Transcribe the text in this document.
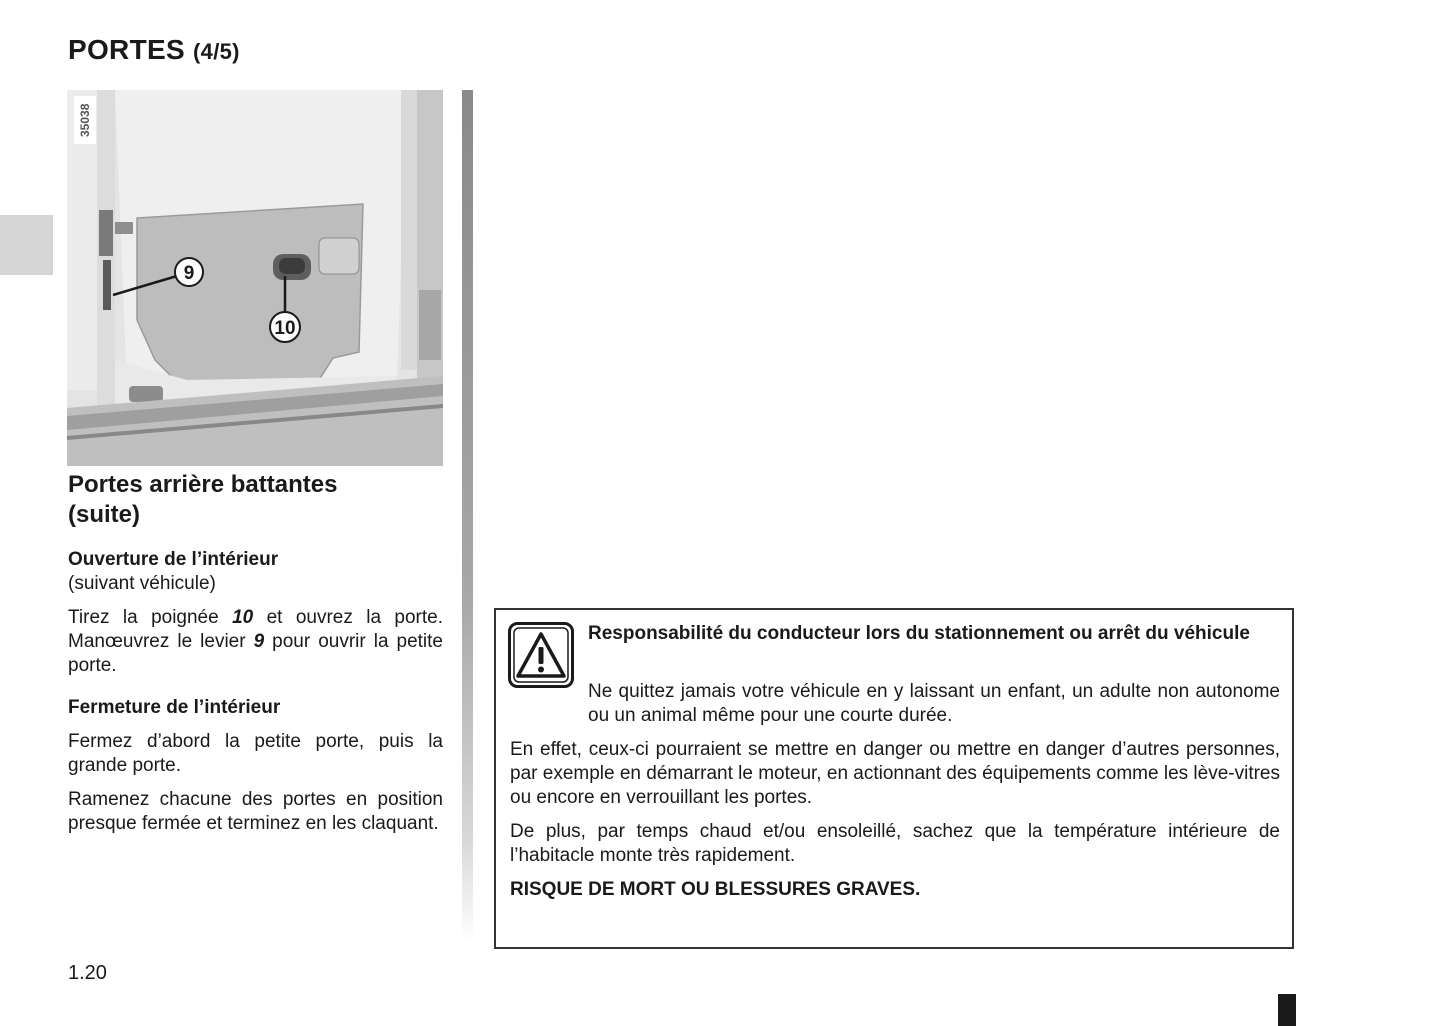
PORTES (4/5)
9
10
35038
Portes arrière battantes
(suite)

Ouverture de l’intérieur

(suivant véhicule)

Tirez la poignée 10 et ouvrez la porte. Manœuvrez le levier 9 pour ouvrir la petite porte.

Fermeture de l’intérieur

Fermez d’abord la petite porte, puis la grande porte.

Ramenez chacune des portes en position presque fermée et terminez en les claquant.

1.20

Responsabilité du conducteur lors du stationnement ou arrêt du véhicule

Ne quittez jamais votre véhicule en y laissant un enfant, un adulte non autonome ou un animal même pour une courte durée.

En effet, ceux-ci pourraient se mettre en danger ou mettre en danger d’autres personnes, par exemple en démarrant le moteur, en actionnant des équipements comme les lève-vitres ou encore en verrouillant les portes.

De plus, par temps chaud et/ou ensoleillé, sachez que la température intérieure de l’habitacle monte très rapidement.

RISQUE DE MORT OU BLESSURES GRAVES.
